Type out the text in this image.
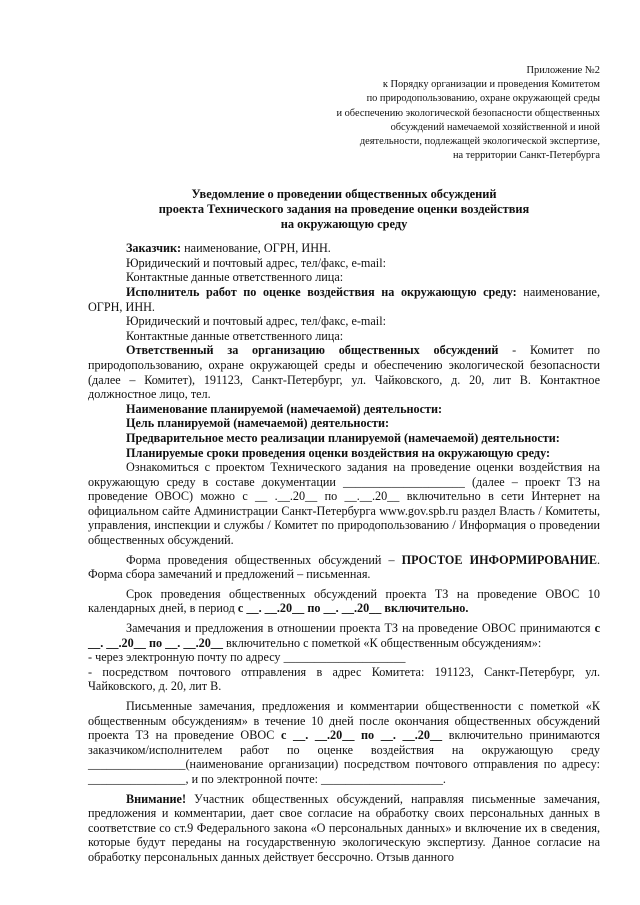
Приложение №2
к Порядку организации и проведения Комитетом
по природопользованию, охране окружающей среды
и обеспечению экологической безопасности общественных
обсуждений намечаемой хозяйственной и иной
деятельности, подлежащей экологической экспертизе,
на территории Санкт-Петербурга
Уведомление о проведении общественных обсуждений
проекта Технического задания на проведение оценки воздействия
на окружающую среду

Заказчик: наименование, ОГРН, ИНН.

Юридический и почтовый адрес, тел/факс, e-mail:

Контактные данные ответственного лица:

Исполнитель работ по оценке воздействия на окружающую среду: наименование, ОГРН, ИНН.

Юридический и почтовый адрес, тел/факс, e-mail:

Контактные данные ответственного лица:

Ответственный за организацию общественных обсуждений - Комитет по природопользованию, охране окружающей среды и обеспечению экологической безопасности (далее – Комитет), 191123, Санкт-Петербург, ул. Чайковского, д. 20, лит В. Контактное должностное лицо, тел.

Наименование планируемой (намечаемой) деятельности:

Цель планируемой (намечаемой) деятельности:

Предварительное место реализации планируемой (намечаемой) деятельности:

Планируемые сроки проведения оценки воздействия на окружающую среду:

Ознакомиться с проектом Технического задания на проведение оценки воздействия на окружающую среду в составе документации ____________________ (далее – проект ТЗ на проведение ОВОС) можно с __ .__.20__ по __.__.20__ включительно в сети Интернет на официальном сайте Администрации Санкт-Петербурга www.gov.spb.ru раздел Власть / Комитеты, управления, инспекции и службы / Комитет по природопользованию / Информация о проведении общественных обсуждений.

Форма проведения общественных обсуждений – ПРОСТОЕ ИНФОРМИРОВАНИЕ. Форма сбора замечаний и предложений – письменная.

Срок проведения общественных обсуждений проекта ТЗ на проведение ОВОС 10 календарных дней, в период с __. __.20__ по __. __.20__ включительно.

Замечания и предложения в отношении проекта ТЗ на проведение ОВОС принимаются с __. __.20__ по __. __.20__ включительно с пометкой «К общественным обсуждениям»:

- через электронную почту по адресу ____________________

- посредством почтового отправления в адрес Комитета: 191123, Санкт-Петербург, ул. Чайковского, д. 20, лит В.

Письменные замечания, предложения и комментарии общественности с пометкой «К общественным обсуждениям» в течение 10 дней после окончания общественных обсуждений проекта ТЗ на проведение ОВОС с __. __.20__ по __. __.20__ включительно принимаются заказчиком/исполнителем работ по оценке воздействия на окружающую среду ________________(наименование организации) посредством почтового отправления по адресу: ________________, и по электронной почте: ____________________.

Внимание! Участник общественных обсуждений, направляя письменные замечания, предложения и комментарии, дает свое согласие на обработку своих персональных данных в соответствие со ст.9 Федерального закона «О персональных данных» и включение их в сведения, которые будут переданы на государственную экологическую экспертизу. Данное согласие на обработку персональных данных действует бессрочно. Отзыв данного
